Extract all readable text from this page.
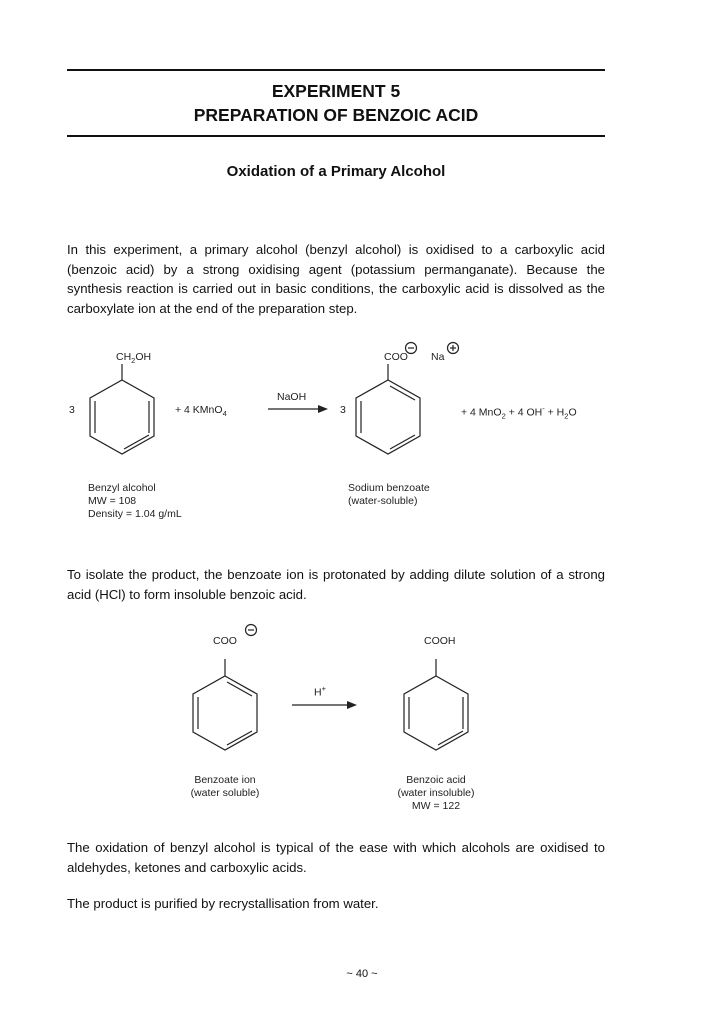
EXPERIMENT 5
PREPARATION OF BENZOIC ACID
Oxidation of a Primary Alcohol
In this experiment, a primary alcohol (benzyl alcohol) is oxidised to a carboxylic acid (benzoic acid) by a strong oxidising agent (potassium permanganate). Because the synthesis reaction is carried out in basic conditions, the carboxylic acid is dissolved as the carboxylate ion at the end of the preparation step.
3
$CH_2OH$
+ 4 KMnO$_4$
NaOH
3
COO Na
+ 4 MnO$_2$ + 4 $OH^- + H_2O$
Benzyl alcohol
MW = 108
Density = 1.04 g/mL
Sodium benzoate
(water-soluble)
To isolate the product, the benzoate ion is protonated by adding dilute solution of a strong acid (HCl) to form insoluble benzoic acid.
COO
H+
COOH
Benzoate ion
(water soluble)
Benzoic acid
(water insoluble)
MW = 122
The oxidation of benzyl alcohol is typical of the ease with which alcohols are oxidised to aldehydes, ketones and carboxylic acids.
The product is purified by recrystallisation from water.
~ 40 ~
